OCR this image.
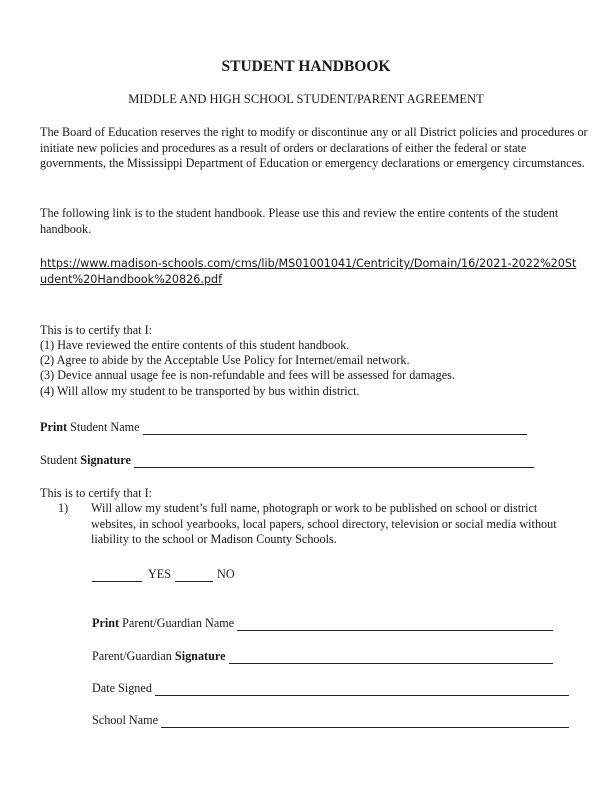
STUDENT HANDBOOK
MIDDLE AND HIGH SCHOOL STUDENT/PARENT AGREEMENT
The Board of Education reserves the right to modify or discontinue any or all District policies and procedures or initiate new policies and procedures as a result of orders or declarations of either the federal or state governments, the Mississippi Department of Education or emergency declarations or emergency circumstances.
The following link is to the student handbook. Please use this and review the entire contents of the student handbook.
https://www.madison-schools.com/cms/lib/MS01001041/Centricity/Domain/16/2021-2022%20Student%20Handbook%20826.pdf
This is to certify that I:
(1) Have reviewed the entire contents of this student handbook.
(2) Agree to abide by the Acceptable Use Policy for Internet/email network.
(3) Device annual usage fee is non-refundable and fees will be assessed for damages.
(4) Will allow my student to be transported by bus within district.
Print Student Name
Student Signature
This is to certify that I:
1)	Will allow my student’s full name, photograph or work to be published on school or district websites, in school yearbooks, local papers, school directory, television or social media without liability to the school or Madison County Schools.
YES	NO
Print Parent/Guardian Name
Parent/Guardian Signature
Date Signed
School Name
